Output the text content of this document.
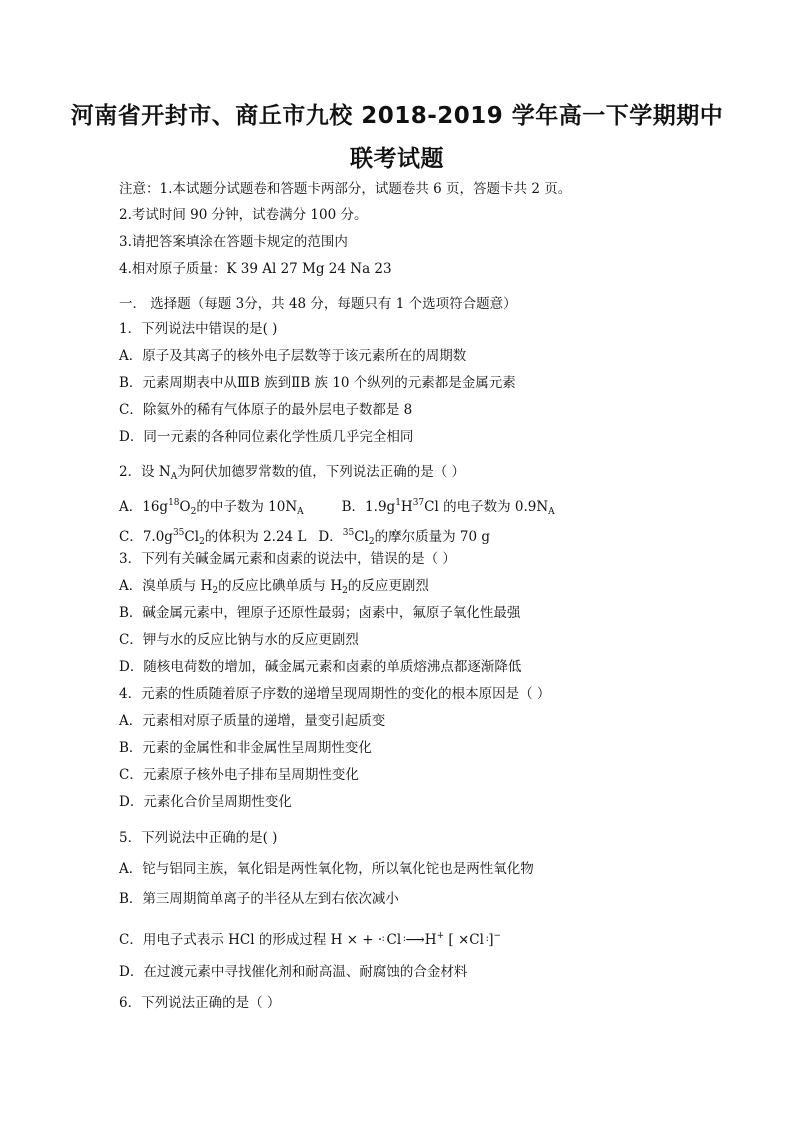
河南省开封市、商丘市九校 2018-2019 学年高一下学期期中
联考试题
注意：1.本试题分试题卷和答题卡两部分，试题卷共 6 页，答题卡共 2 页。
2.考试时间 90 分钟，试卷满分 100 分。
3.请把答案填涂在答题卡规定的范围内
4.相对原子质量：K 39 Al 27 Mg 24 Na 23
一． 选择题（每题 3分，共 48 分，每题只有 1 个选项符合题意）
1．下列说法中错误的是( )
A．原子及其离子的核外电子层数等于该元素所在的周期数
B．元素周期表中从ⅢB 族到ⅡB 族 10 个纵列的元素都是金属元素
C．除氦外的稀有气体原子的最外层电子数都是 8
D．同一元素的各种同位素化学性质几乎完全相同
2．设 $N_A$为阿伏加德罗常数的值，下列说法正确的是（ ）
A．$16g^{18}O_2$的中子数为 $10N_A$	B．$1.9g^1H^{37}Cl$ 的电子数为 $0.9N_A$
C．$7.0g^{35}Cl_2$的体积为 2.24 L D．$^{35}Cl_2$的摩尔质量为 70 g
3．下列有关碱金属元素和卤素的说法中，错误的是（ ）
A．溴单质与 $H_2$的反应比碘单质与 $H_2$的反应更剧烈
B．碱金属元素中，锂原子还原性最弱；卤素中，氟原子氧化性最强
C．钾与水的反应比钠与水的反应更剧烈
D．随核电荷数的增加，碱金属元素和卤素的单质熔沸点都逐渐降低
4．元素的性质随着原子序数的递增呈现周期性的变化的根本原因是（ ）
A．元素相对原子质量的递增，量变引起质变
B．元素的金属性和非金属性呈周期性变化
C．元素原子核外电子排布呈周期性变化
D．元素化合价呈周期性变化
5．下列说法中正确的是( )
A．铊与铝同主族，氧化铝是两性氧化物，所以氧化铊也是两性氧化物
B．第三周期简单离子的半径从左到右依次减小
C．用电子式表示 HCl 的形成过程 H × + · : Cl : ⟶H+ [ ×: Cl : ]−
D．在过渡元素中寻找催化剂和耐高温、耐腐蚀的合金材料
6．下列说法正确的是（ ）
